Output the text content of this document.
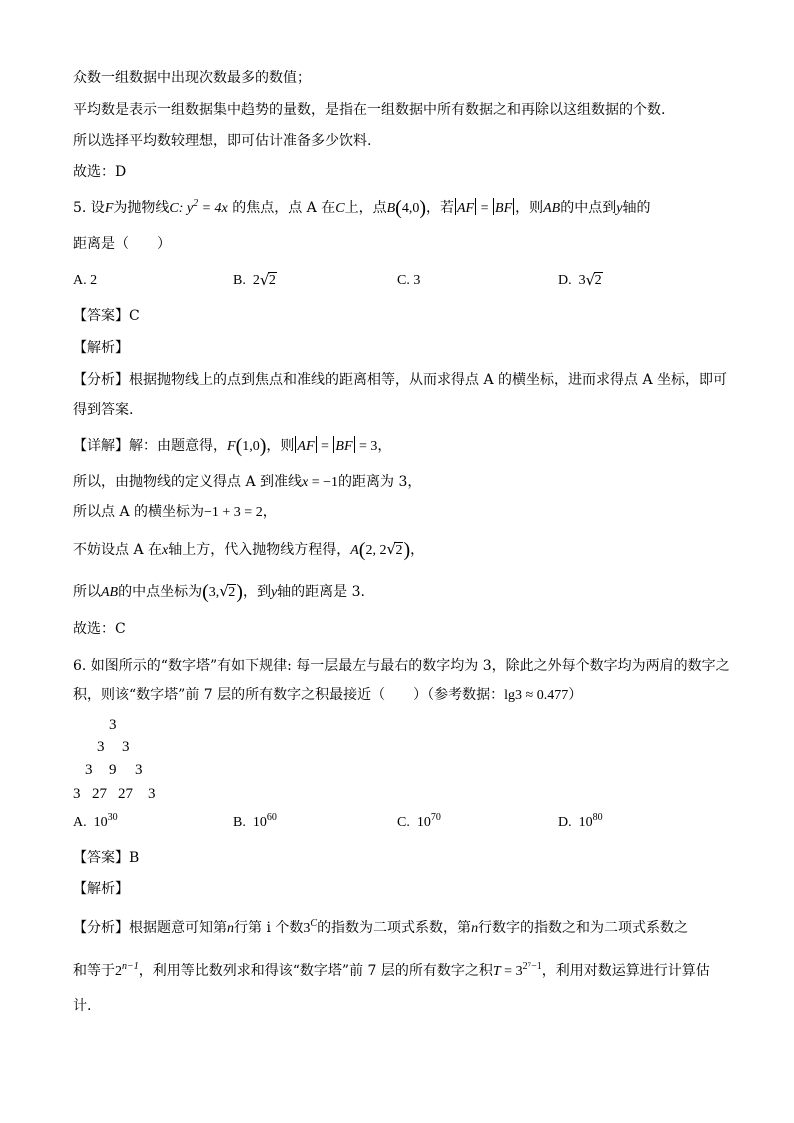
众数一组数据中出现次数最多的数值；
平均数是表示一组数据集中趋势的量数，是指在一组数据中所有数据之和再除以这组数据的个数.
所以选择平均数较理想，即可估计准备多少饮料.
故选：D
5. 设F为抛物线C: $y^2 = 4x$ 的焦点，点 A 在C上，点B(4,0)，若 AF = BF ，则AB的中点到y轴的
距离是（　　）
A. 2	B. 2 √ 2	C. 3	D. 3 √ 2
【答案】C
【解析】
【分析】根据抛物线上的点到焦点和准线的距离相等，从而求得点 A 的横坐标，进而求得点 A 坐标，即可
得到答案.
【详解】解：由题意得，F(1,0)，则 AF = BF = 3，
所以，由抛物线的定义得点 A 到准线x = −1的距离为 3，
所以点 A 的横坐标为−1 + 3 = 2，
不妨设点 A 在x轴上方，代入抛物线方程得，A(2, 2 √ 2)，
所以AB的中点坐标为(3, √ 2)，到y轴的距离是 3.
故选：C
6. 如图所示的“数字塔”有如下规律: 每一层最左与最右的数字均为 3，除此之外每个数字均为两肩的数字之
积，则该“数字塔”前 7 层的所有数字之积最接近（　　）（参考数据：lg3 ≈ 0.477）
3
3 3
3 9 3
3 27 27 3
A. $10^{30}$	B. $10^{60}$	C. $10^{70}$	D. $10^{80}$
【答案】B
【解析】
【分析】根据题意可知第n行第 i 个数$3^C$的指数为二项式系数，第n行数字的指数之和为二项式系数之
和等于$2^{n-1}$，利用等比数列求和得该“数字塔”前 7 层的所有数字之积$T = 3^{2^7-1}$，利用对数运算进行计算估
计.
